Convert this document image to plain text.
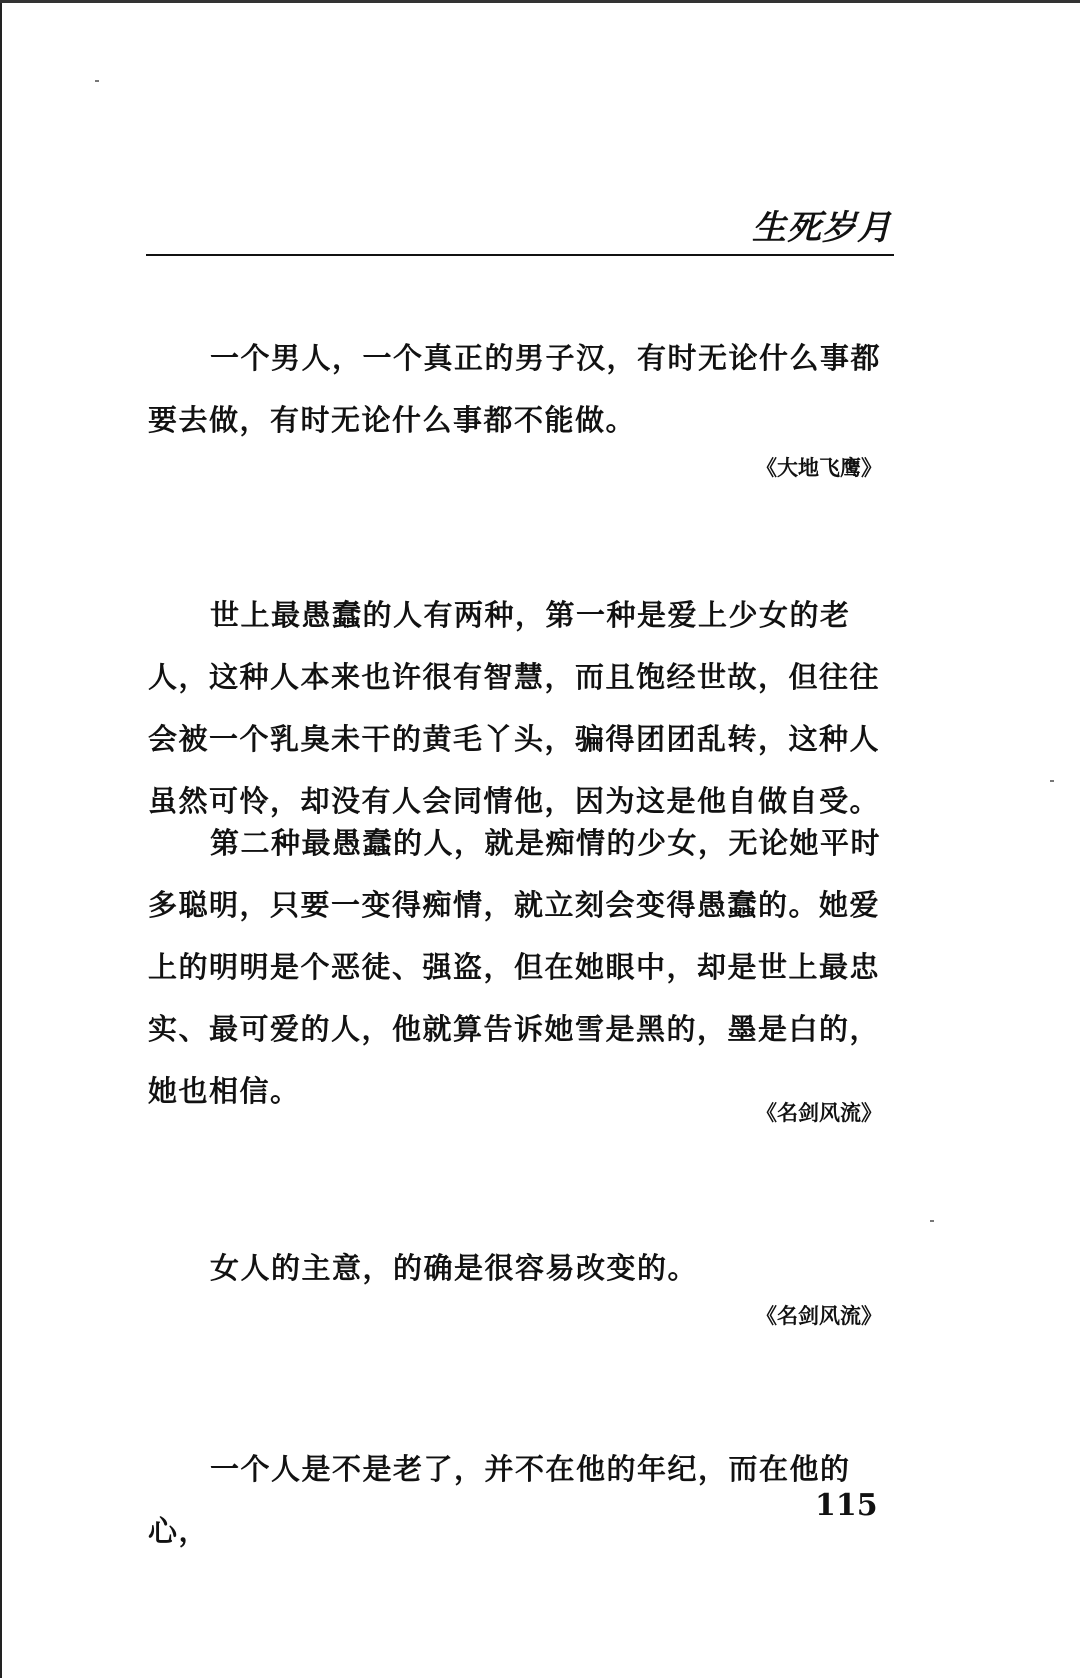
生死岁月

一个男人，一个真正的男子汉，有时无论什么事都要去做，有时无论什么事都不能做。

《大地飞鹰》

世上最愚蠢的人有两种，第一种是爱上少女的老人，这种人本来也许很有智慧，而且饱经世故，但往往会被一个乳臭未干的黄毛丫头，骗得团团乱转，这种人虽然可怜，却没有人会同情他，因为这是他自做自受。

第二种最愚蠢的人，就是痴情的少女，无论她平时多聪明，只要一变得痴情，就立刻会变得愚蠢的。她爱上的明明是个恶徒、强盗，但在她眼中，却是世上最忠实、最可爱的人，他就算告诉她雪是黑的，墨是白的，她也相信。

《名剑风流》

女人的主意，的确是很容易改变的。

《名剑风流》

一个人是不是老了，并不在他的年纪，而在他的心，

115
